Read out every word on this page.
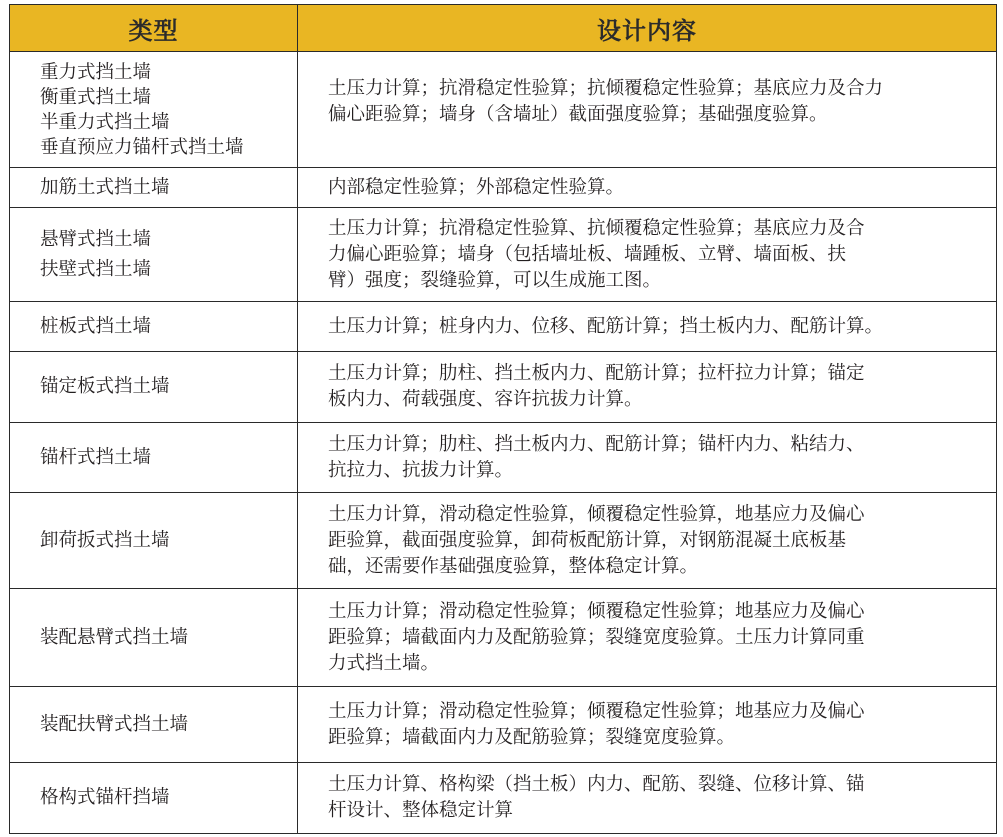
类型	设计内容

重力式挡土墙
衡重式挡土墙
半重力式挡土墙
垂直预应力锚杆式挡土墙	土压力计算；抗滑稳定性验算；抗倾覆稳定性验算；基底应力及合力
偏心距验算；墙身（含墙址）截面强度验算；基础强度验算。

加筋土式挡土墙	内部稳定性验算；外部稳定性验算。

悬臂式挡土墙
扶壁式挡土墙	土压力计算；抗滑稳定性验算、抗倾覆稳定性验算；基底应力及合
力偏心距验算；墙身（包括墙址板、墙踵板、立臂、墙面板、扶
臂）强度；裂缝验算，可以生成施工图。

桩板式挡土墙	土压力计算；桩身内力、位移、配筋计算；挡土板内力、配筋计算。

锚定板式挡土墙	土压力计算；肋柱、挡土板内力、配筋计算；拉杆拉力计算；锚定
板内力、荷载强度、容许抗拔力计算。

锚杆式挡土墙	土压力计算；肋柱、挡土板内力、配筋计算；锚杆内力、粘结力、
抗拉力、抗拔力计算。

卸荷扳式挡土墙	土压力计算，滑动稳定性验算，倾覆稳定性验算，地基应力及偏心
距验算，截面强度验算，卸荷板配筋计算，对钢筋混凝土底板基
础，还需要作基础强度验算，整体稳定计算。

装配悬臂式挡土墙	土压力计算；滑动稳定性验算；倾覆稳定性验算；地基应力及偏心
距验算；墙截面内力及配筋验算；裂缝宽度验算。土压力计算同重
力式挡土墙。

装配扶臂式挡土墙	土压力计算；滑动稳定性验算；倾覆稳定性验算；地基应力及偏心
距验算；墙截面内力及配筋验算；裂缝宽度验算。

格构式锚杆挡墙	土压力计算、格构梁（挡土板）内力、配筋、裂缝、位移计算、锚
杆设计、整体稳定计算
